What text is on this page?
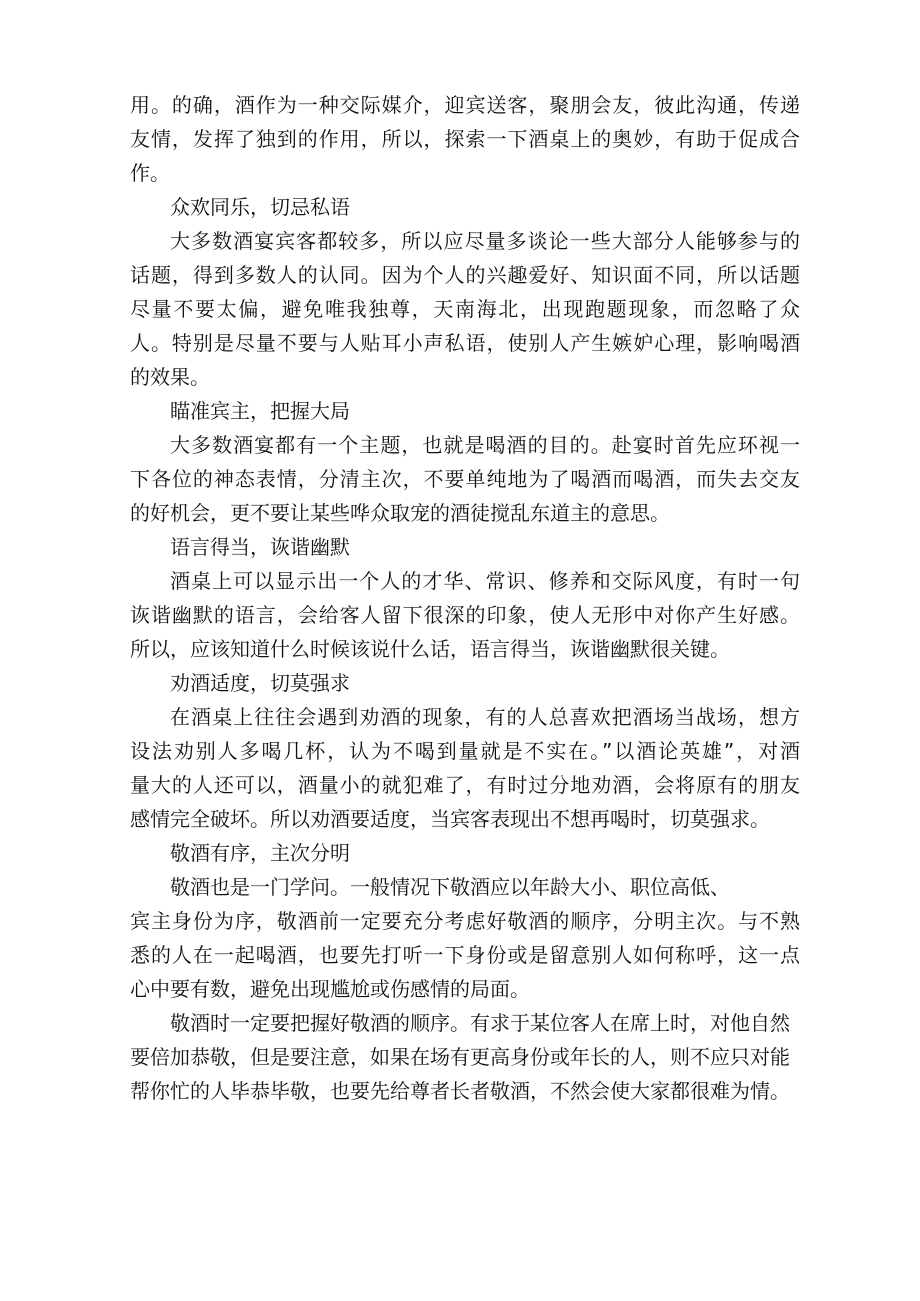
用。的确，酒作为一种交际媒介，迎宾送客，聚朋会友，彼此沟通，传递
友情，发挥了独到的作用，所以，探索一下酒桌上的奥妙，有助于促成合
作。
众欢同乐，切忌私语
大多数酒宴宾客都较多，所以应尽量多谈论一些大部分人能够参与的
话题，得到多数人的认同。因为个人的兴趣爱好、知识面不同，所以话题
尽量不要太偏，避免唯我独尊，天南海北，出现跑题现象，而忽略了众
人。特别是尽量不要与人贴耳小声私语，使别人产生嫉妒心理，影响喝酒
的效果。
瞄准宾主，把握大局
大多数酒宴都有一个主题，也就是喝酒的目的。赴宴时首先应环视一
下各位的神态表情，分清主次，不要单纯地为了喝酒而喝酒，而失去交友
的好机会，更不要让某些哗众取宠的酒徒搅乱东道主的意思。
语言得当，诙谐幽默
酒桌上可以显示出一个人的才华、常识、修养和交际风度，有时一句
诙谐幽默的语言，会给客人留下很深的印象，使人无形中对你产生好感。
所以，应该知道什么时候该说什么话，语言得当，诙谐幽默很关键。
劝酒适度，切莫强求
在酒桌上往往会遇到劝酒的现象，有的人总喜欢把酒场当战场，想方
设法劝别人多喝几杯，认为不喝到量就是不实在。”以酒论英雄”，对酒
量大的人还可以，酒量小的就犯难了，有时过分地劝酒，会将原有的朋友
感情完全破坏。所以劝酒要适度，当宾客表现出不想再喝时，切莫强求。
敬酒有序，主次分明
敬酒也是一门学问。一般情况下敬酒应以年龄大小、职位高低、
宾主身份为序，敬酒前一定要充分考虑好敬酒的顺序，分明主次。与不熟
悉的人在一起喝酒，也要先打听一下身份或是留意别人如何称呼，这一点
心中要有数，避免出现尴尬或伤感情的局面。
敬酒时一定要把握好敬酒的顺序。有求于某位客人在席上时，对他自然
要倍加恭敬，但是要注意，如果在场有更高身份或年长的人，则不应只对能
帮你忙的人毕恭毕敬，也要先给尊者长者敬酒，不然会使大家都很难为情。
